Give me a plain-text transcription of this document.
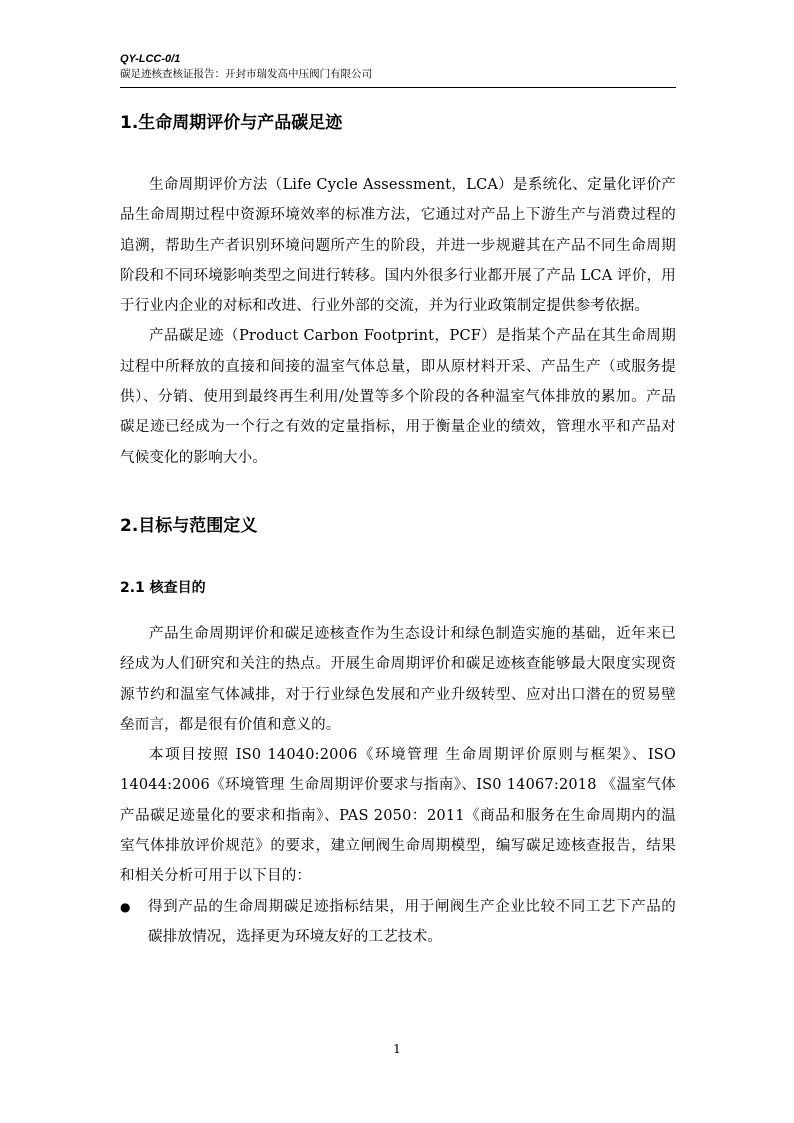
QY-LCC-0/1
碳足迹核查核证报告：开封市瑞发高中压阀门有限公司
1.生命周期评价与产品碳足迹

生命周期评价方法（Life Cycle Assessment，LCA）是系统化、定量化评价产品生命周期过程中资源环境效率的标准方法，它通过对产品上下游生产与消费过程的追溯，帮助生产者识别环境问题所产生的阶段，并进一步规避其在产品不同生命周期阶段和不同环境影响类型之间进行转移。国内外很多行业都开展了产品 LCA 评价，用于行业内企业的对标和改进、行业外部的交流，并为行业政策制定提供参考依据。

产品碳足迹（Product Carbon Footprint，PCF）是指某个产品在其生命周期过程中所释放的直接和间接的温室气体总量，即从原材料开采、产品生产（或服务提供）、分销、使用到最终再生利用/处置等多个阶段的各种温室气体排放的累加。产品碳足迹已经成为一个行之有效的定量指标，用于衡量企业的绩效，管理水平和产品对气候变化的影响大小。

2.目标与范围定义
2.1 核查目的

产品生命周期评价和碳足迹核查作为生态设计和绿色制造实施的基础，近年来已经成为人们研究和关注的热点。开展生命周期评价和碳足迹核查能够最大限度实现资源节约和温室气体减排，对于行业绿色发展和产业升级转型、应对出口潜在的贸易壁垒而言，都是很有价值和意义的。

本项目按照 IS0 14040:2006《环境管理 生命周期评价原则与框架》、ISO 14044:2006《环境管理 生命周期评价要求与指南》、IS0 14067:2018 《温室气体产品碳足迹量化的要求和指南》、PAS 2050：2011《商品和服务在生命周期内的温室气体排放评价规范》的要求，建立闸阀生命周期模型，编写碳足迹核查报告，结果和相关分析可用于以下目的：

●	得到产品的生命周期碳足迹指标结果，用于闸阀生产企业比较不同工艺下产品的碳排放情况，选择更为环境友好的工艺技术。
1
